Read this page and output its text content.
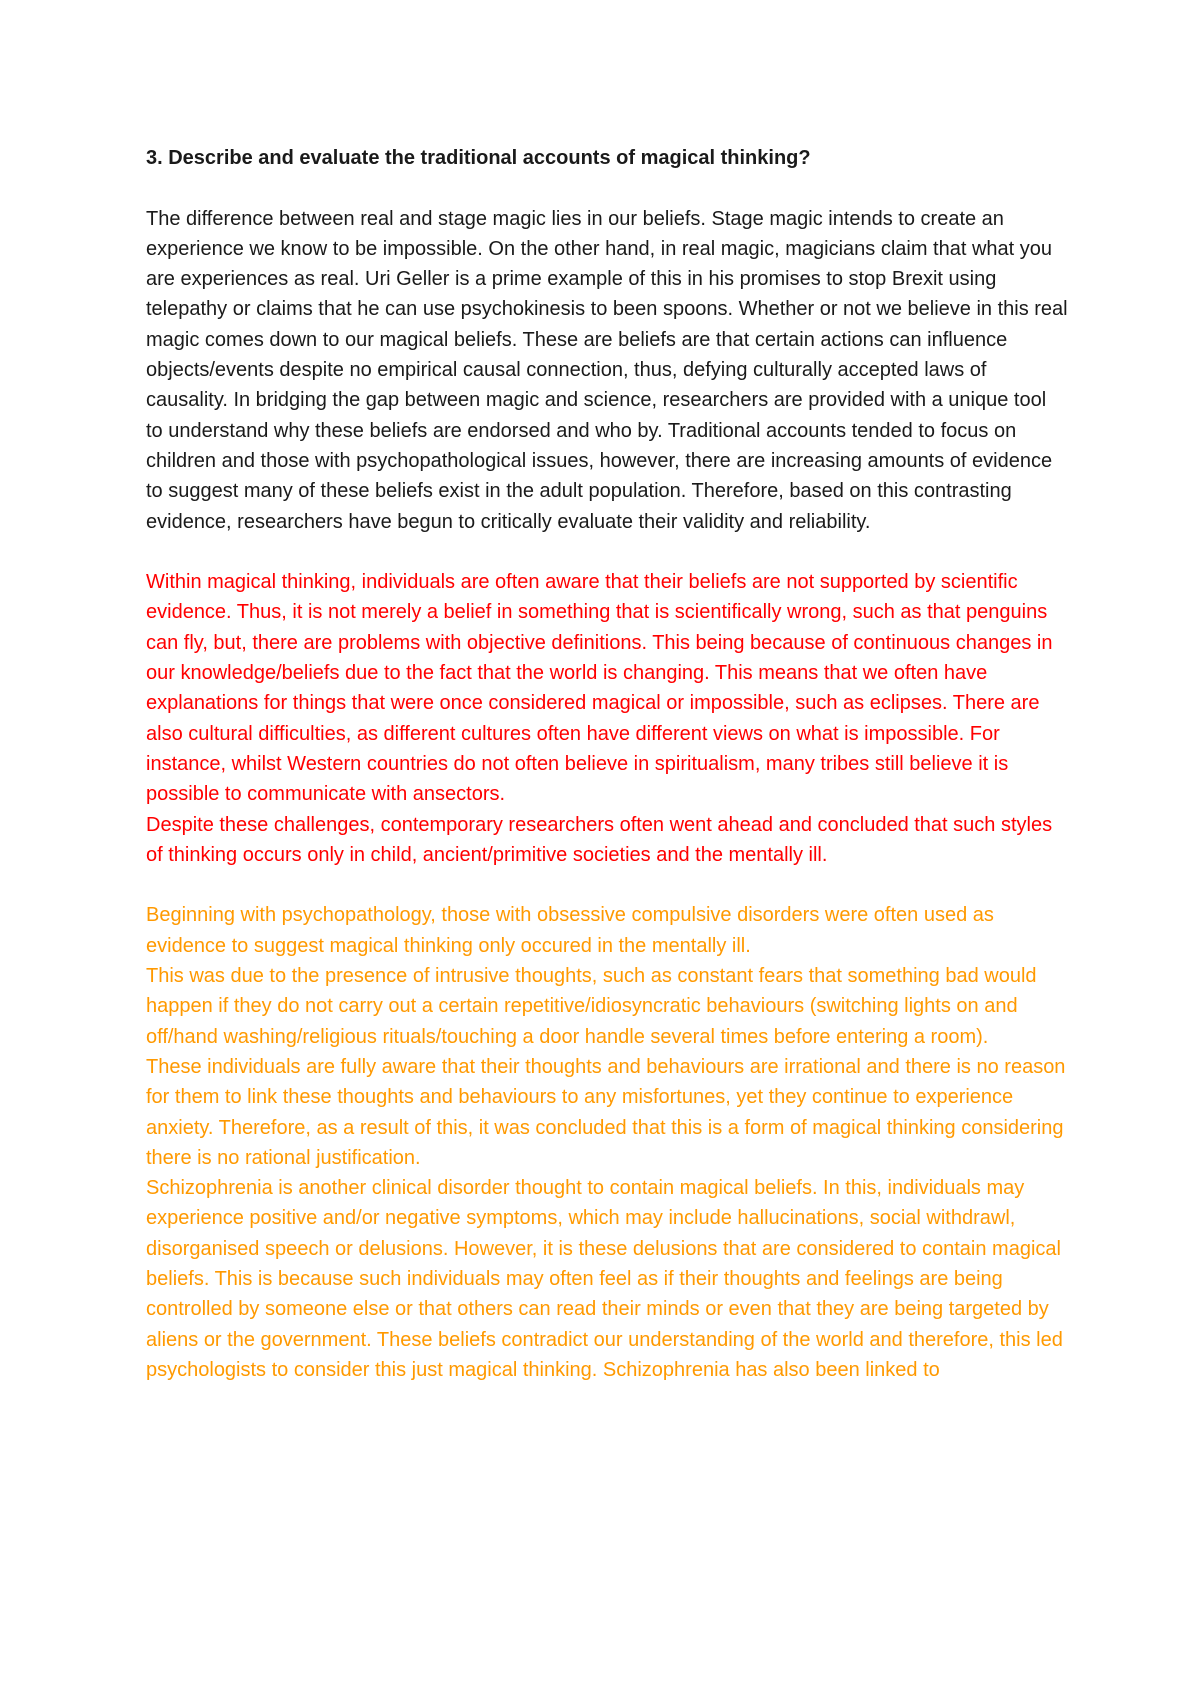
3. Describe and evaluate the traditional accounts of magical thinking?

The difference between real and stage magic lies in our beliefs. Stage magic intends to create an experience we know to be impossible. On the other hand, in real magic, magicians claim that what you are experiences as real. Uri Geller is a prime example of this in his promises to stop Brexit using telepathy or claims that he can use psychokinesis to been spoons. Whether or not we believe in this real magic comes down to our magical beliefs. These are beliefs are that certain actions can influence objects/events despite no empirical causal connection, thus, defying culturally accepted laws of causality. In bridging the gap between magic and science, researchers are provided with a unique tool to understand why these beliefs are endorsed and who by. Traditional accounts tended to focus on children and those with psychopathological issues, however, there are increasing amounts of evidence to suggest many of these beliefs exist in the adult population. Therefore, based on this contrasting evidence, researchers have begun to critically evaluate their validity and reliability.

Within magical thinking, individuals are often aware that their beliefs are not supported by scientific evidence. Thus, it is not merely a belief in something that is scientifically wrong, such as that penguins can fly, but, there are problems with objective definitions. This being because of continuous changes in our knowledge/beliefs due to the fact that the world is changing. This means that we often have explanations for things that were once considered magical or impossible, such as eclipses. There are also cultural difficulties, as different cultures often have different views on what is impossible. For instance, whilst Western countries do not often believe in spiritualism, many tribes still believe it is possible to communicate with ansectors.

Despite these challenges, contemporary researchers often went ahead and concluded that such styles of thinking occurs only in child, ancient/primitive societies and the mentally ill.

Beginning with psychopathology, those with obsessive compulsive disorders were often used as evidence to suggest magical thinking only occured in the mentally ill.

This was due to the presence of intrusive thoughts, such as constant fears that something bad would happen if they do not carry out a certain repetitive/idiosyncratic behaviours (switching lights on and off/hand washing/religious rituals/touching a door handle several times before entering a room).

These individuals are fully aware that their thoughts and behaviours are irrational and there is no reason for them to link these thoughts and behaviours to any misfortunes, yet they continue to experience anxiety. Therefore, as a result of this, it was concluded that this is a form of magical thinking considering there is no rational justification.

Schizophrenia is another clinical disorder thought to contain magical beliefs. In this, individuals may experience positive and/or negative symptoms, which may include hallucinations, social withdrawl, disorganised speech or delusions. However, it is these delusions that are considered to contain magical beliefs. This is because such individuals may often feel as if their thoughts and feelings are being controlled by someone else or that others can read their minds or even that they are being targeted by aliens or the government. These beliefs contradict our understanding of the world and therefore, this led psychologists to consider this just magical thinking. Schizophrenia has also been linked to
